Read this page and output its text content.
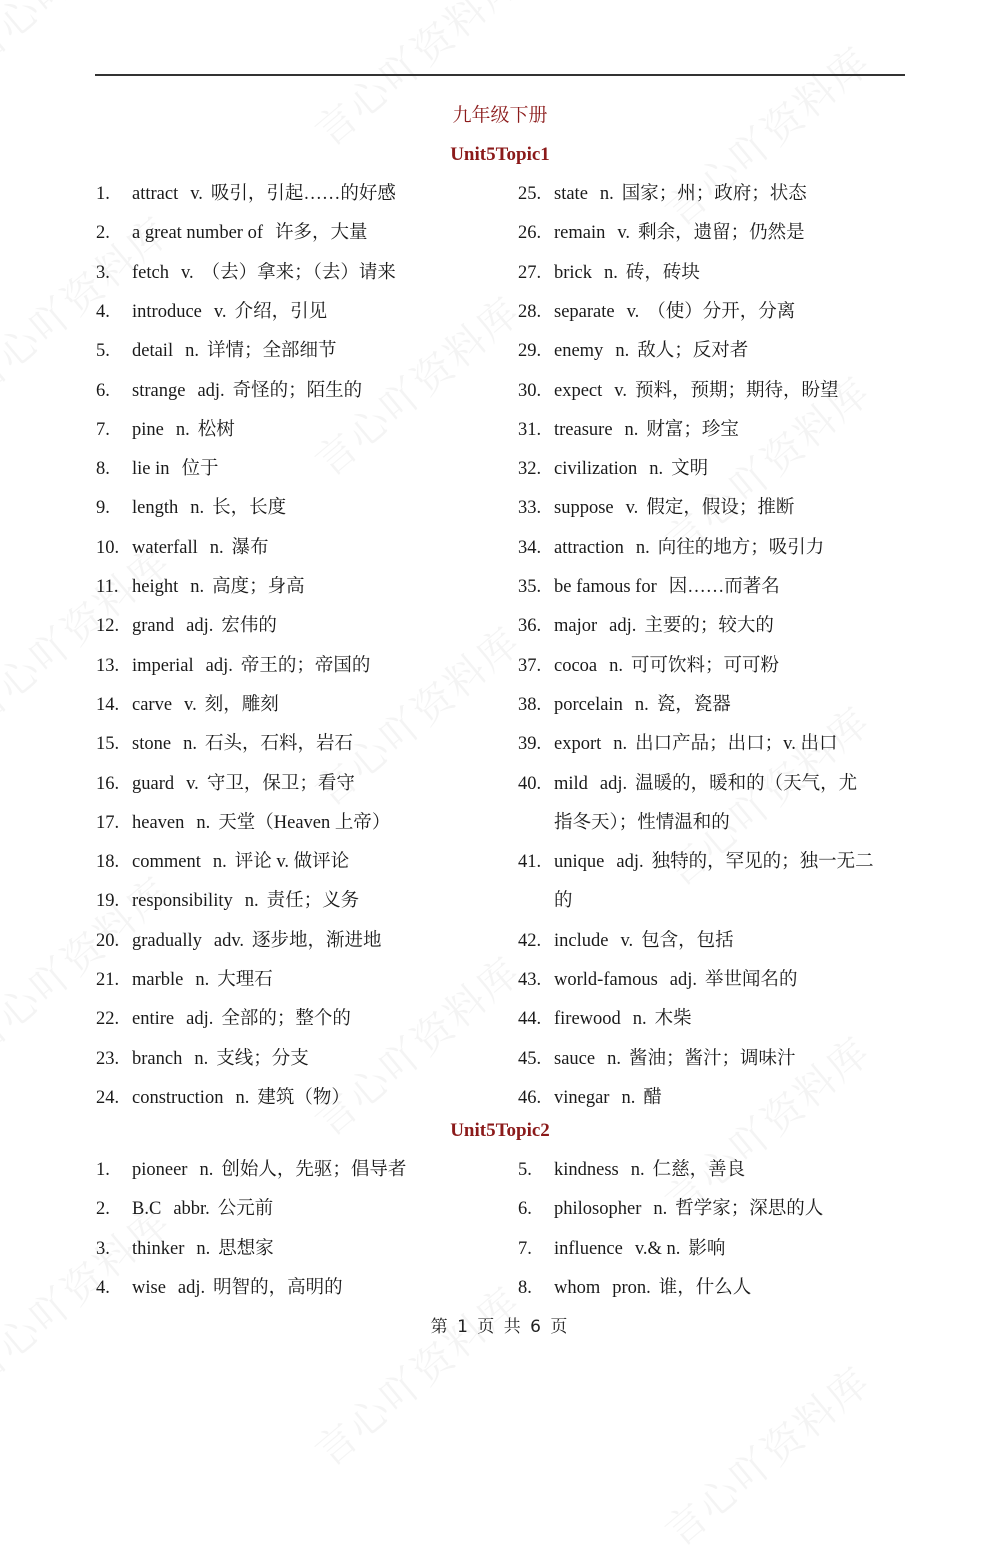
九年级下册
Unit5Topic1
1. attract v. 吸引，引起……的好感
2. a great number of 许多，大量
3. fetch v. （去）拿来；（去）请来
4. introduce v. 介绍，引见
5. detail n. 详情；全部细节
6. strange adj. 奇怪的；陌生的
7. pine n. 松树
8. lie in 位于
9. length n. 长，长度
10. waterfall n. 瀑布
11. height n. 高度；身高
12. grand adj. 宏伟的
13. imperial adj. 帝王的；帝国的
14. carve v. 刻，雕刻
15. stone n. 石头，石料，岩石
16. guard v. 守卫，保卫；看守
17. heaven n. 天堂（Heaven 上帝）
18. comment n. 评论 v. 做评论
19. responsibility n. 责任；义务
20. gradually adv. 逐步地，渐进地
21. marble n. 大理石
22. entire adj. 全部的；整个的
23. branch n. 支线；分支
24. construction n. 建筑（物）
25. state n. 国家；州；政府；状态
26. remain v. 剩余，遗留；仍然是
27. brick n. 砖，砖块
28. separate v. （使）分开，分离
29. enemy n. 敌人；反对者
30. expect v. 预料，预期；期待，盼望
31. treasure n. 财富；珍宝
32. civilization n. 文明
33. suppose v. 假定，假设；推断
34. attraction n. 向往的地方；吸引力
35. be famous for 因……而著名
36. major adj. 主要的；较大的
37. cocoa n. 可可饮料；可可粉
38. porcelain n. 瓷，瓷器
39. export n. 出口产品；出口；v. 出口
40. mild adj. 温暖的，暖和的（天气，尤
指冬天）；性情温和的
41. unique adj. 独特的，罕见的；独一无二
的
42. include v. 包含，包括
43. world-famous adj. 举世闻名的
44. firewood n. 木柴
45. sauce n. 酱油；酱汁；调味汁
46. vinegar n. 醋
Unit5Topic2
1. pioneer n. 创始人，先驱；倡导者
2. B.C abbr. 公元前
3. thinker n. 思想家
4. wise adj. 明智的，高明的
5. kindness n. 仁慈，善良
6. philosopher n. 哲学家；深思的人
7. influence v.& n. 影响
8. whom pron. 谁，什么人
第 1 页 共 6 页
